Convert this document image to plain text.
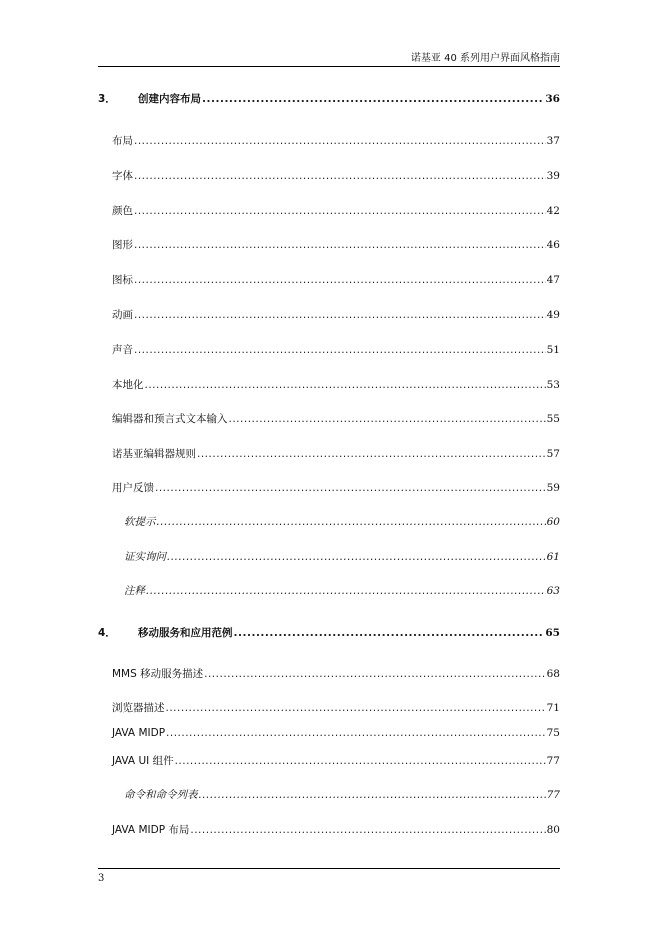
诺基亚 40 系列用户界面风格指南
3．	创建内容布局 .....	36
布局 .....	37
字体 .....	39
颜色 .....	42
图形 .....	46
图标 .....	47
动画 .....	49
声音 .....	51
本地化 .....	53
编辑器和预言式文本输入 .....	55
诺基亚编辑器规则 .....	57
用户反馈 .....	59
软提示 .....	60
证实询问 .....	61
注释 .....	63
4．	移动服务和应用范例 .....	65
MMS 移动服务描述 .....	68
浏览器描述 .....	71
JAVA MIDP .....	75
JAVA UI 组件 .....	77
命令和命令列表 .....	77
JAVA MIDP 布局 .....	80
3
